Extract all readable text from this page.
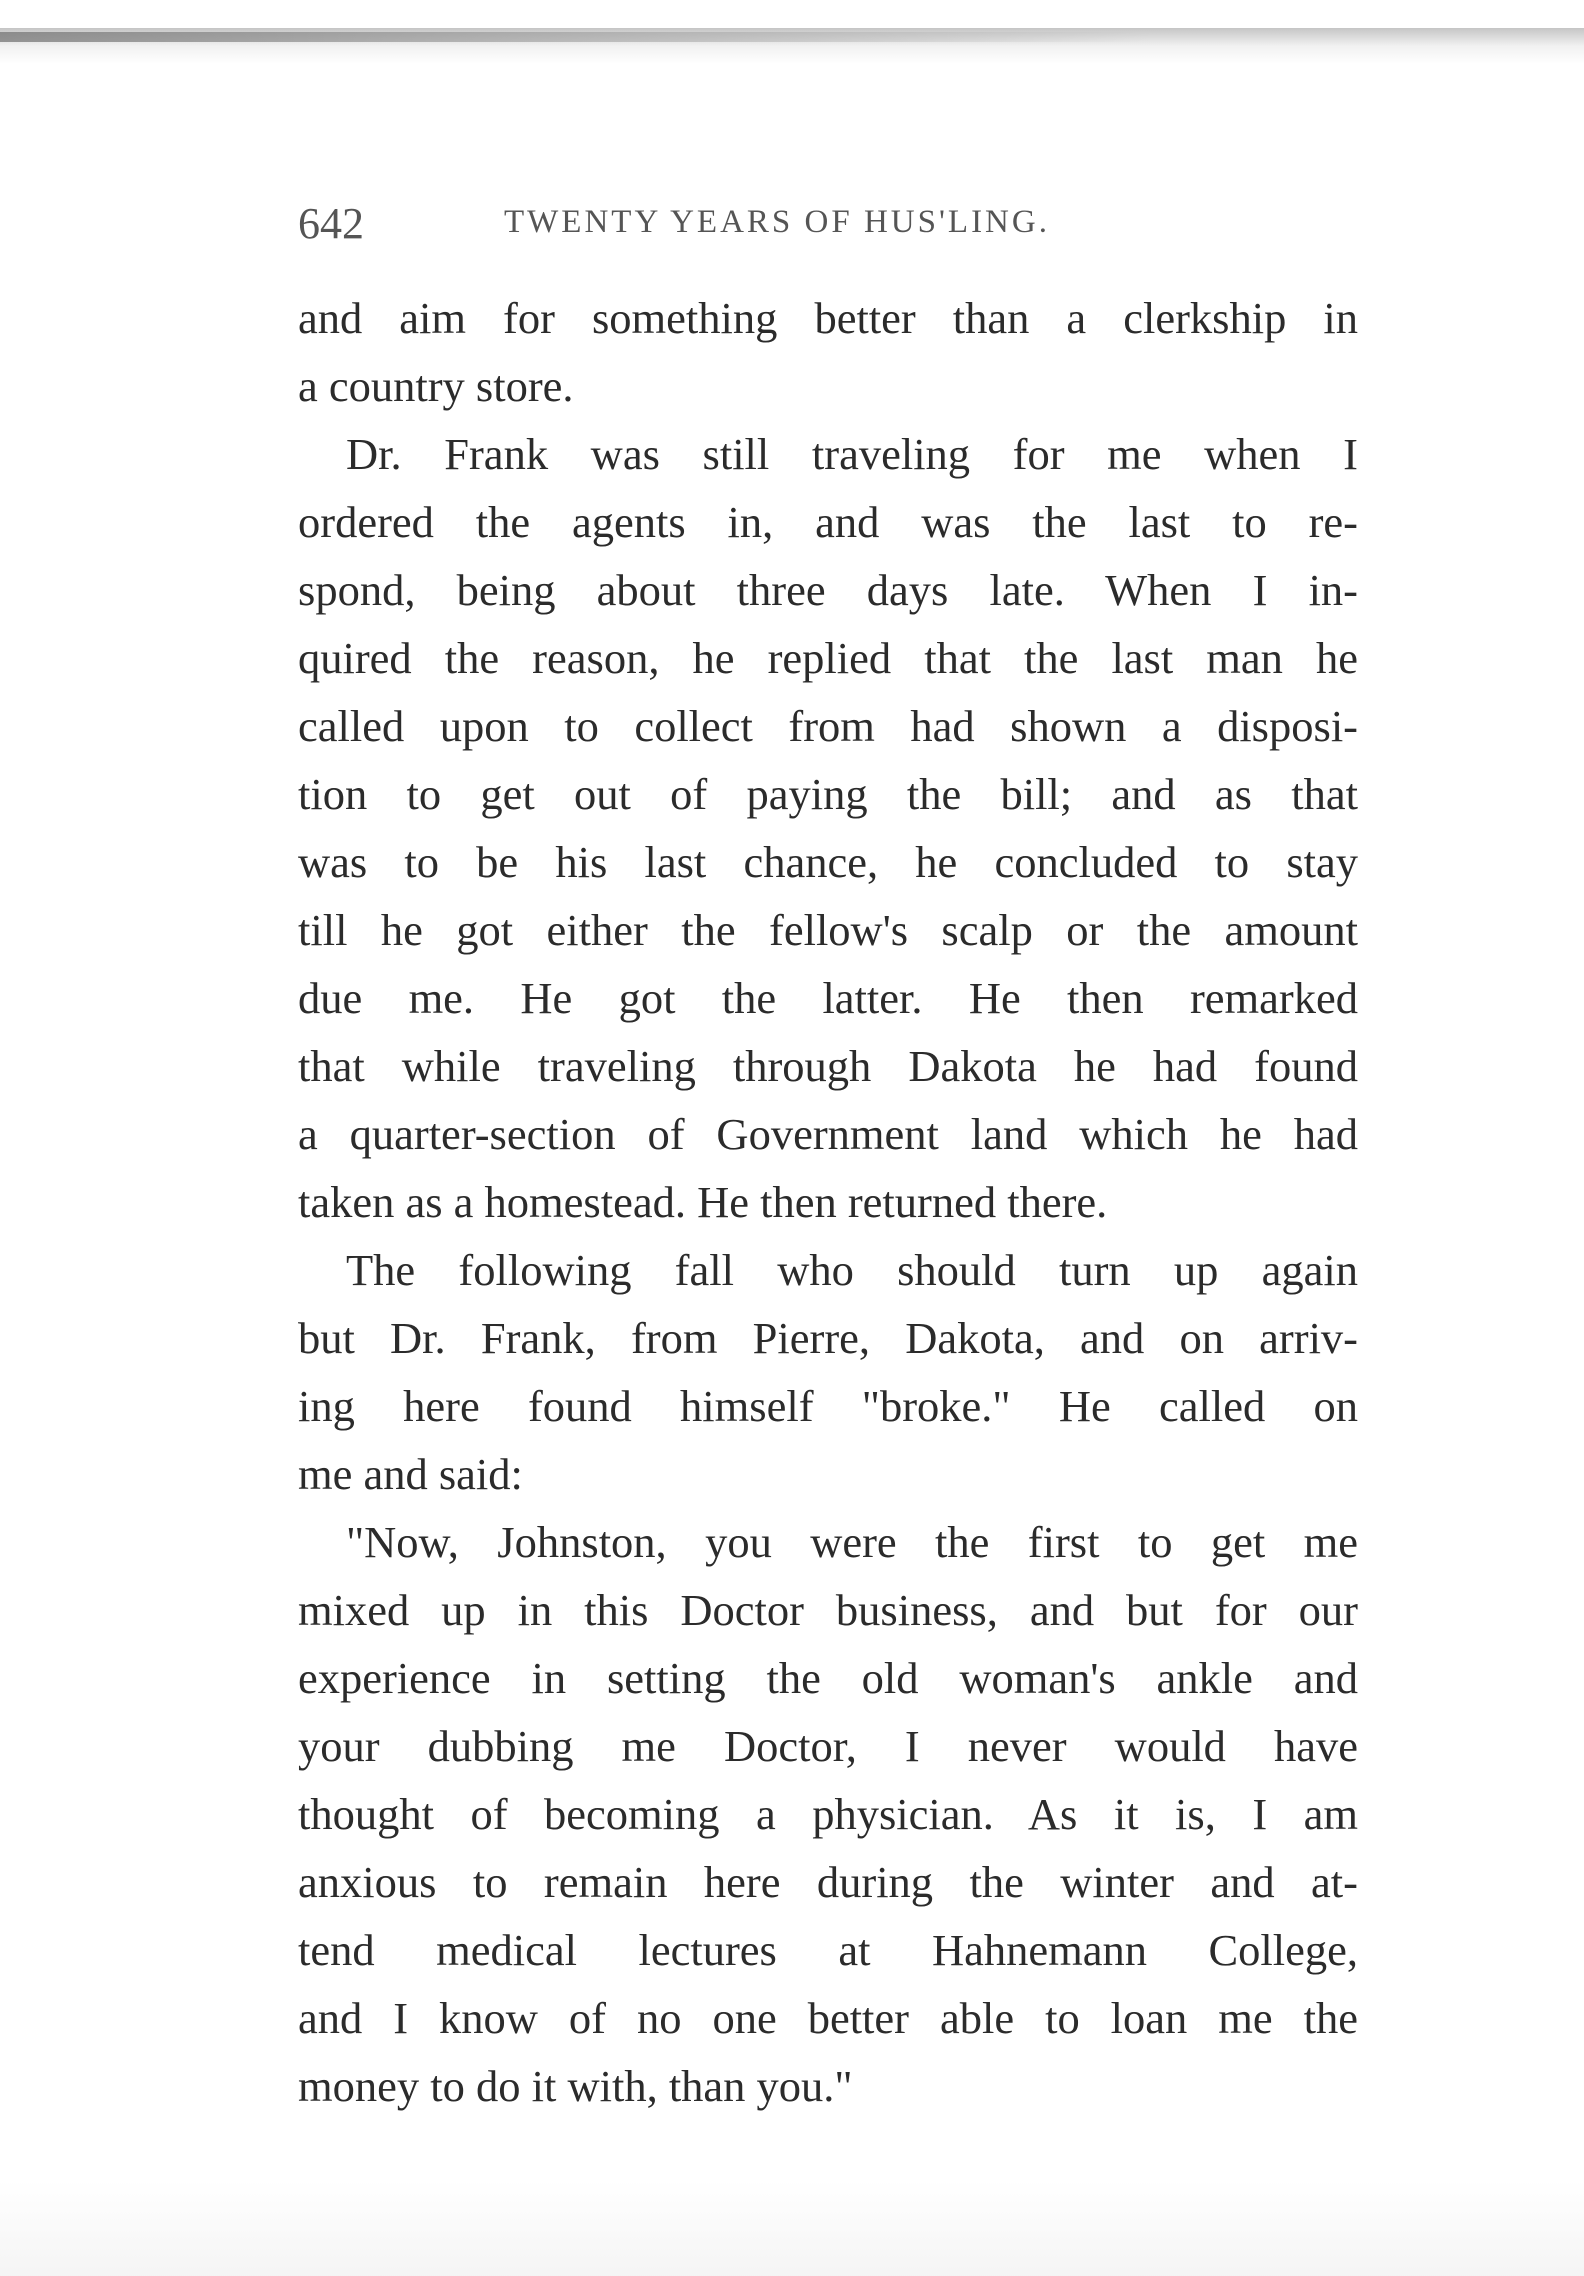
642	TWENTY YEARS OF HUS'LING.
and aim for something better than a clerkship in
a country store.
Dr. Frank was still traveling for me when I
ordered the agents in, and was the last to re-
spond, being about three days late. When I in-
quired the reason, he replied that the last man he
called upon to collect from had shown a disposi-
tion to get out of paying the bill; and as that
was to be his last chance, he concluded to stay
till he got either the fellow's scalp or the amount
due me. He got the latter. He then remarked
that while traveling through Dakota he had found
a quarter-section of Government land which he had
taken as a homestead. He then returned there.
The following fall who should turn up again
but Dr. Frank, from Pierre, Dakota, and on arriv-
ing here found himself "broke." He called on
me and said:
"Now, Johnston, you were the first to get me
mixed up in this Doctor business, and but for our
experience in setting the old woman's ankle and
your dubbing me Doctor, I never would have
thought of becoming a physician. As it is, I am
anxious to remain here during the winter and at-
tend medical lectures at Hahnemann College,
and I know of no one better able to loan me the
money to do it with, than you."
